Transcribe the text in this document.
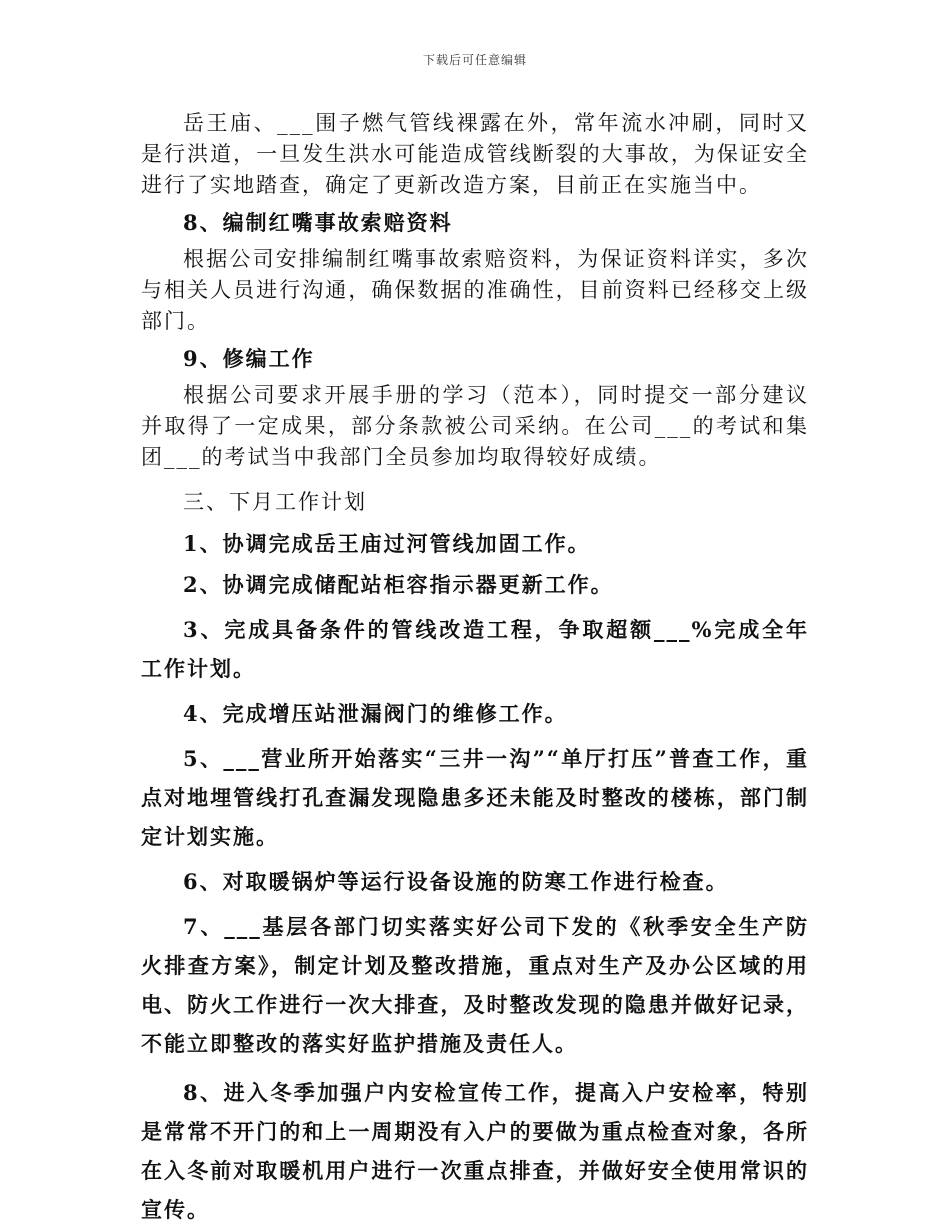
下载后可任意编辑

岳王庙、___围子燃气管线裸露在外，常年流水冲刷，同时又是行洪道，一旦发生洪水可能造成管线断裂的大事故，为保证安全进行了实地踏查，确定了更新改造方案，目前正在实施当中。

8、编制红嘴事故索赔资料

根据公司安排编制红嘴事故索赔资料，为保证资料详实，多次与相关人员进行沟通，确保数据的准确性，目前资料已经移交上级部门。

9、修编工作

根据公司要求开展手册的学习（范本），同时提交一部分建议并取得了一定成果，部分条款被公司采纳。在公司___的考试和集团___的考试当中我部门全员参加均取得较好成绩。

三、下月工作计划

1、协调完成岳王庙过河管线加固工作。

2、协调完成储配站柜容指示器更新工作。

3、完成具备条件的管线改造工程，争取超额___%完成全年工作计划。

4、完成增压站泄漏阀门的维修工作。

5、___营业所开始落实“三井一沟”“单厅打压”普查工作，重点对地埋管线打孔查漏发现隐患多还未能及时整改的楼栋，部门制定计划实施。

6、对取暖锅炉等运行设备设施的防寒工作进行检查。

7、___基层各部门切实落实好公司下发的《秋季安全生产防火排查方案》，制定计划及整改措施，重点对生产及办公区域的用电、防火工作进行一次大排查，及时整改发现的隐患并做好记录，不能立即整改的落实好监护措施及责任人。

8、进入冬季加强户内安检宣传工作，提高入户安检率，特别是常常不开门的和上一周期没有入户的要做为重点检查对象，各所在入冬前对取暖机用户进行一次重点排查，并做好安全使用常识的宣传。
